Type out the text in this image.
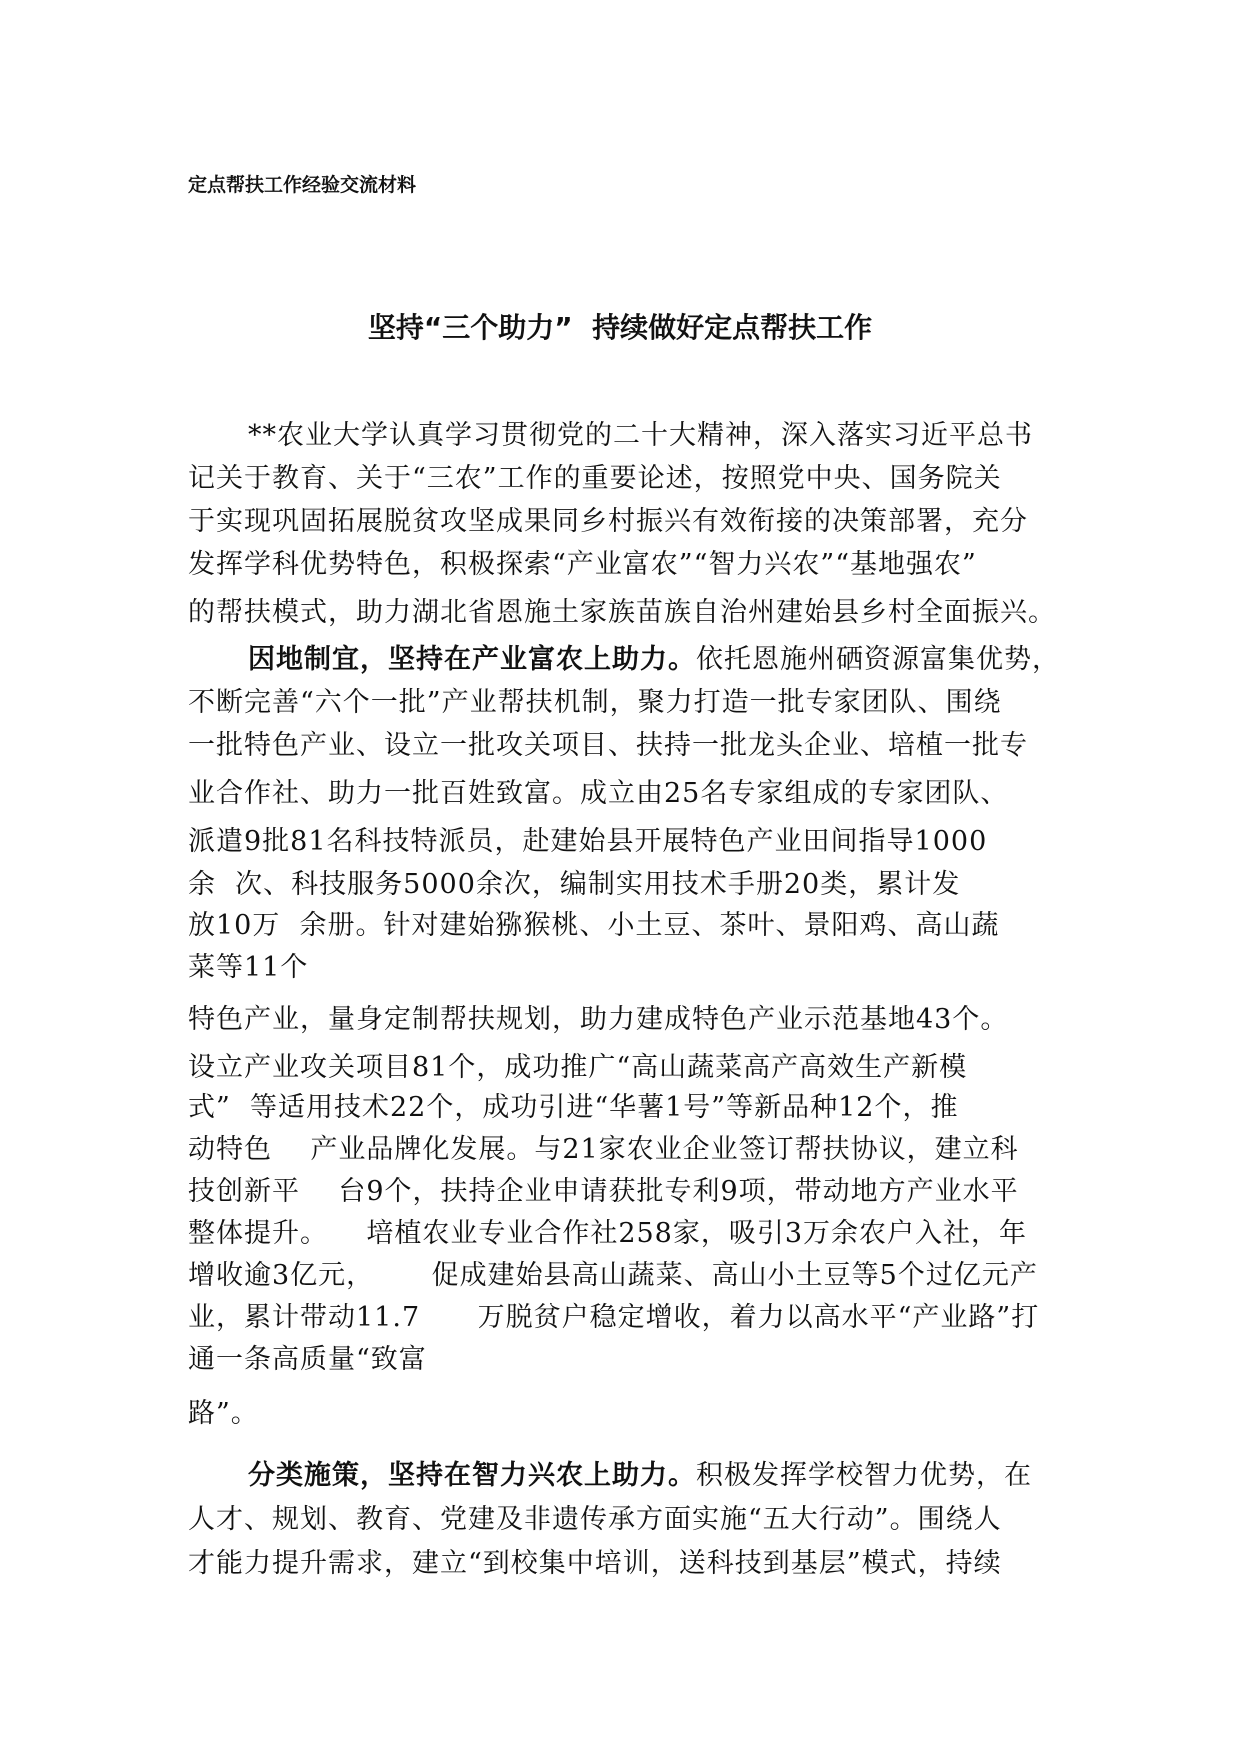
定点帮扶工作经验交流材料
坚持“三个助力”  持续做好定点帮扶工作
**农业大学认真学习贯彻党的二十大精神，深入落实习近平总书
记关于教育、关于“三农”工作的重要论述，按照党中央、国务院关
于实现巩固拓展脱贫攻坚成果同乡村振兴有效衔接的决策部署，充分
发挥学科优势特色，积极探索“产业富农”“智力兴农”“基地强农”
的帮扶模式，助力湖北省恩施土家族苗族自治州建始县乡村全面振兴。
因地制宜，坚持在产业富农上助力。依托恩施州硒资源富集优势，
不断完善“六个一批”产业帮扶机制，聚力打造一批专家团队、围绕
一批特色产业、设立一批攻关项目、扶持一批龙头企业、培植一批专
业合作社、助力一批百姓致富。成立由25名专家组成的专家团队、
派遣9批81名科技特派员，赴建始县开展特色产业田间指导1000
余  次、科技服务5000余次，编制实用技术手册20类，累计发
放10万  余册。针对建始猕猴桃、小土豆、茶叶、景阳鸡、高山蔬
菜等11个
特色产业，量身定制帮扶规划，助力建成特色产业示范基地43个。
设立产业攻关项目81个，成功推广“高山蔬菜高产高效生产新模
式”  等适用技术22个，成功引进“华薯1号”等新品种12个，推
动特色    产业品牌化发展。与21家农业企业签订帮扶协议，建立科
技创新平    台9个，扶持企业申请获批专利9项，带动地方产业水平
整体提升。    培植农业专业合作社258家，吸引3万余农户入社，年
增收逾3亿元，      促成建始县高山蔬菜、高山小土豆等5个过亿元产
业，累计带动11.7      万脱贫户稳定增收，着力以高水平“产业路”打
通一条高质量“致富
路”。
分类施策，坚持在智力兴农上助力。积极发挥学校智力优势，在
人才、规划、教育、党建及非遗传承方面实施“五大行动”。围绕人
才能力提升需求，建立“到校集中培训，送科技到基层”模式，持续
